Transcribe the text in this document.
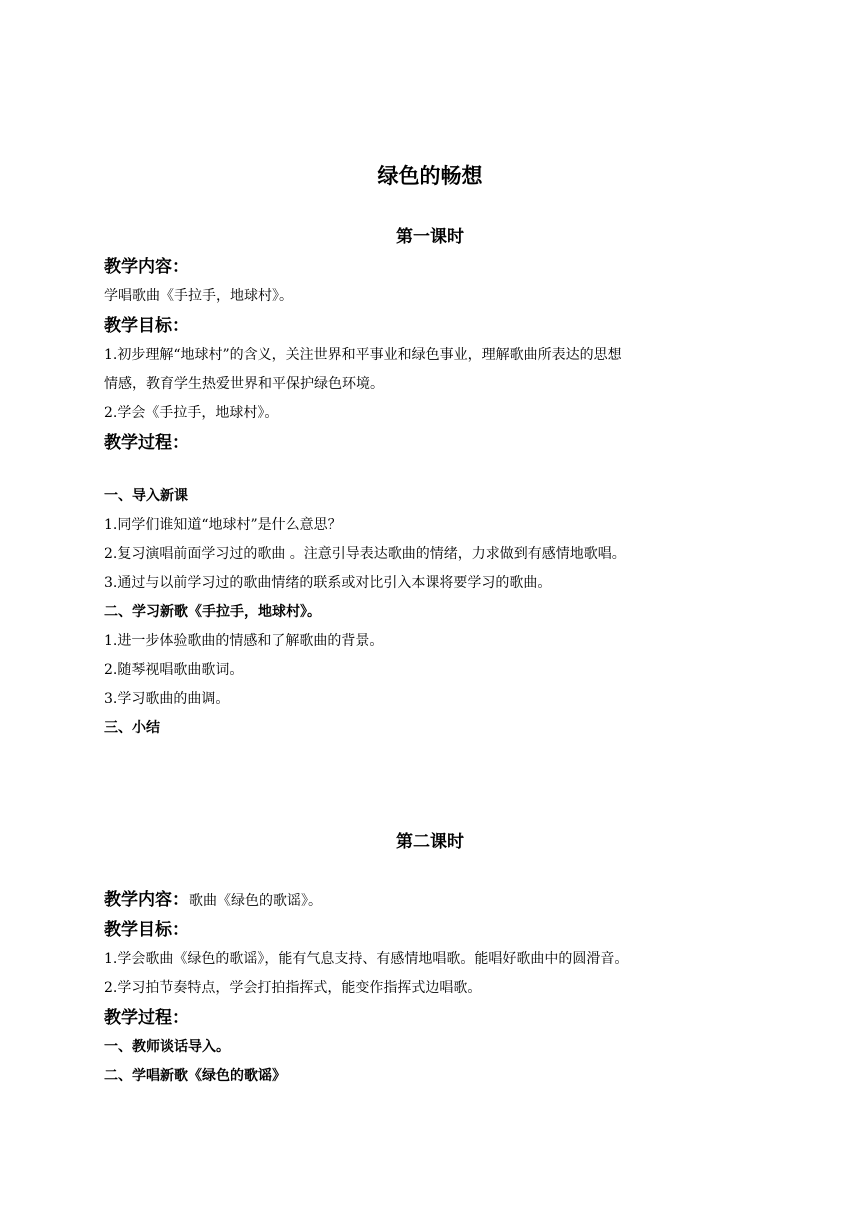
绿色的畅想
第一课时
教学内容：
学唱歌曲《手拉手，地球村》。
教学目标：
1.初步理解“地球村”的含义，关注世界和平事业和绿色事业，理解歌曲所表达的思想
情感，教育学生热爱世界和平保护绿色环境。
2.学会《手拉手，地球村》。
教学过程：
一、导入新课
1.同学们谁知道“地球村”是什么意思？
2.复习演唱前面学习过的歌曲 。注意引导表达歌曲的情绪，力求做到有感情地歌唱。
3.通过与以前学习过的歌曲情绪的联系或对比引入本课将要学习的歌曲。
二、学习新歌《手拉手，地球村》。
1.进一步体验歌曲的情感和了解歌曲的背景。
2.随琴视唱歌曲歌词。
3.学习歌曲的曲调。
三、小结
第二课时
教学内容：歌曲《绿色的歌谣》。
教学目标：
1.学会歌曲《绿色的歌谣》，能有气息支持、有感情地唱歌。能唱好歌曲中的圆滑音。
2.学习拍节奏特点，学会打拍指挥式，能变作指挥式边唱歌。
教学过程：
一、教师谈话导入。
二、学唱新歌《绿色的歌谣》
